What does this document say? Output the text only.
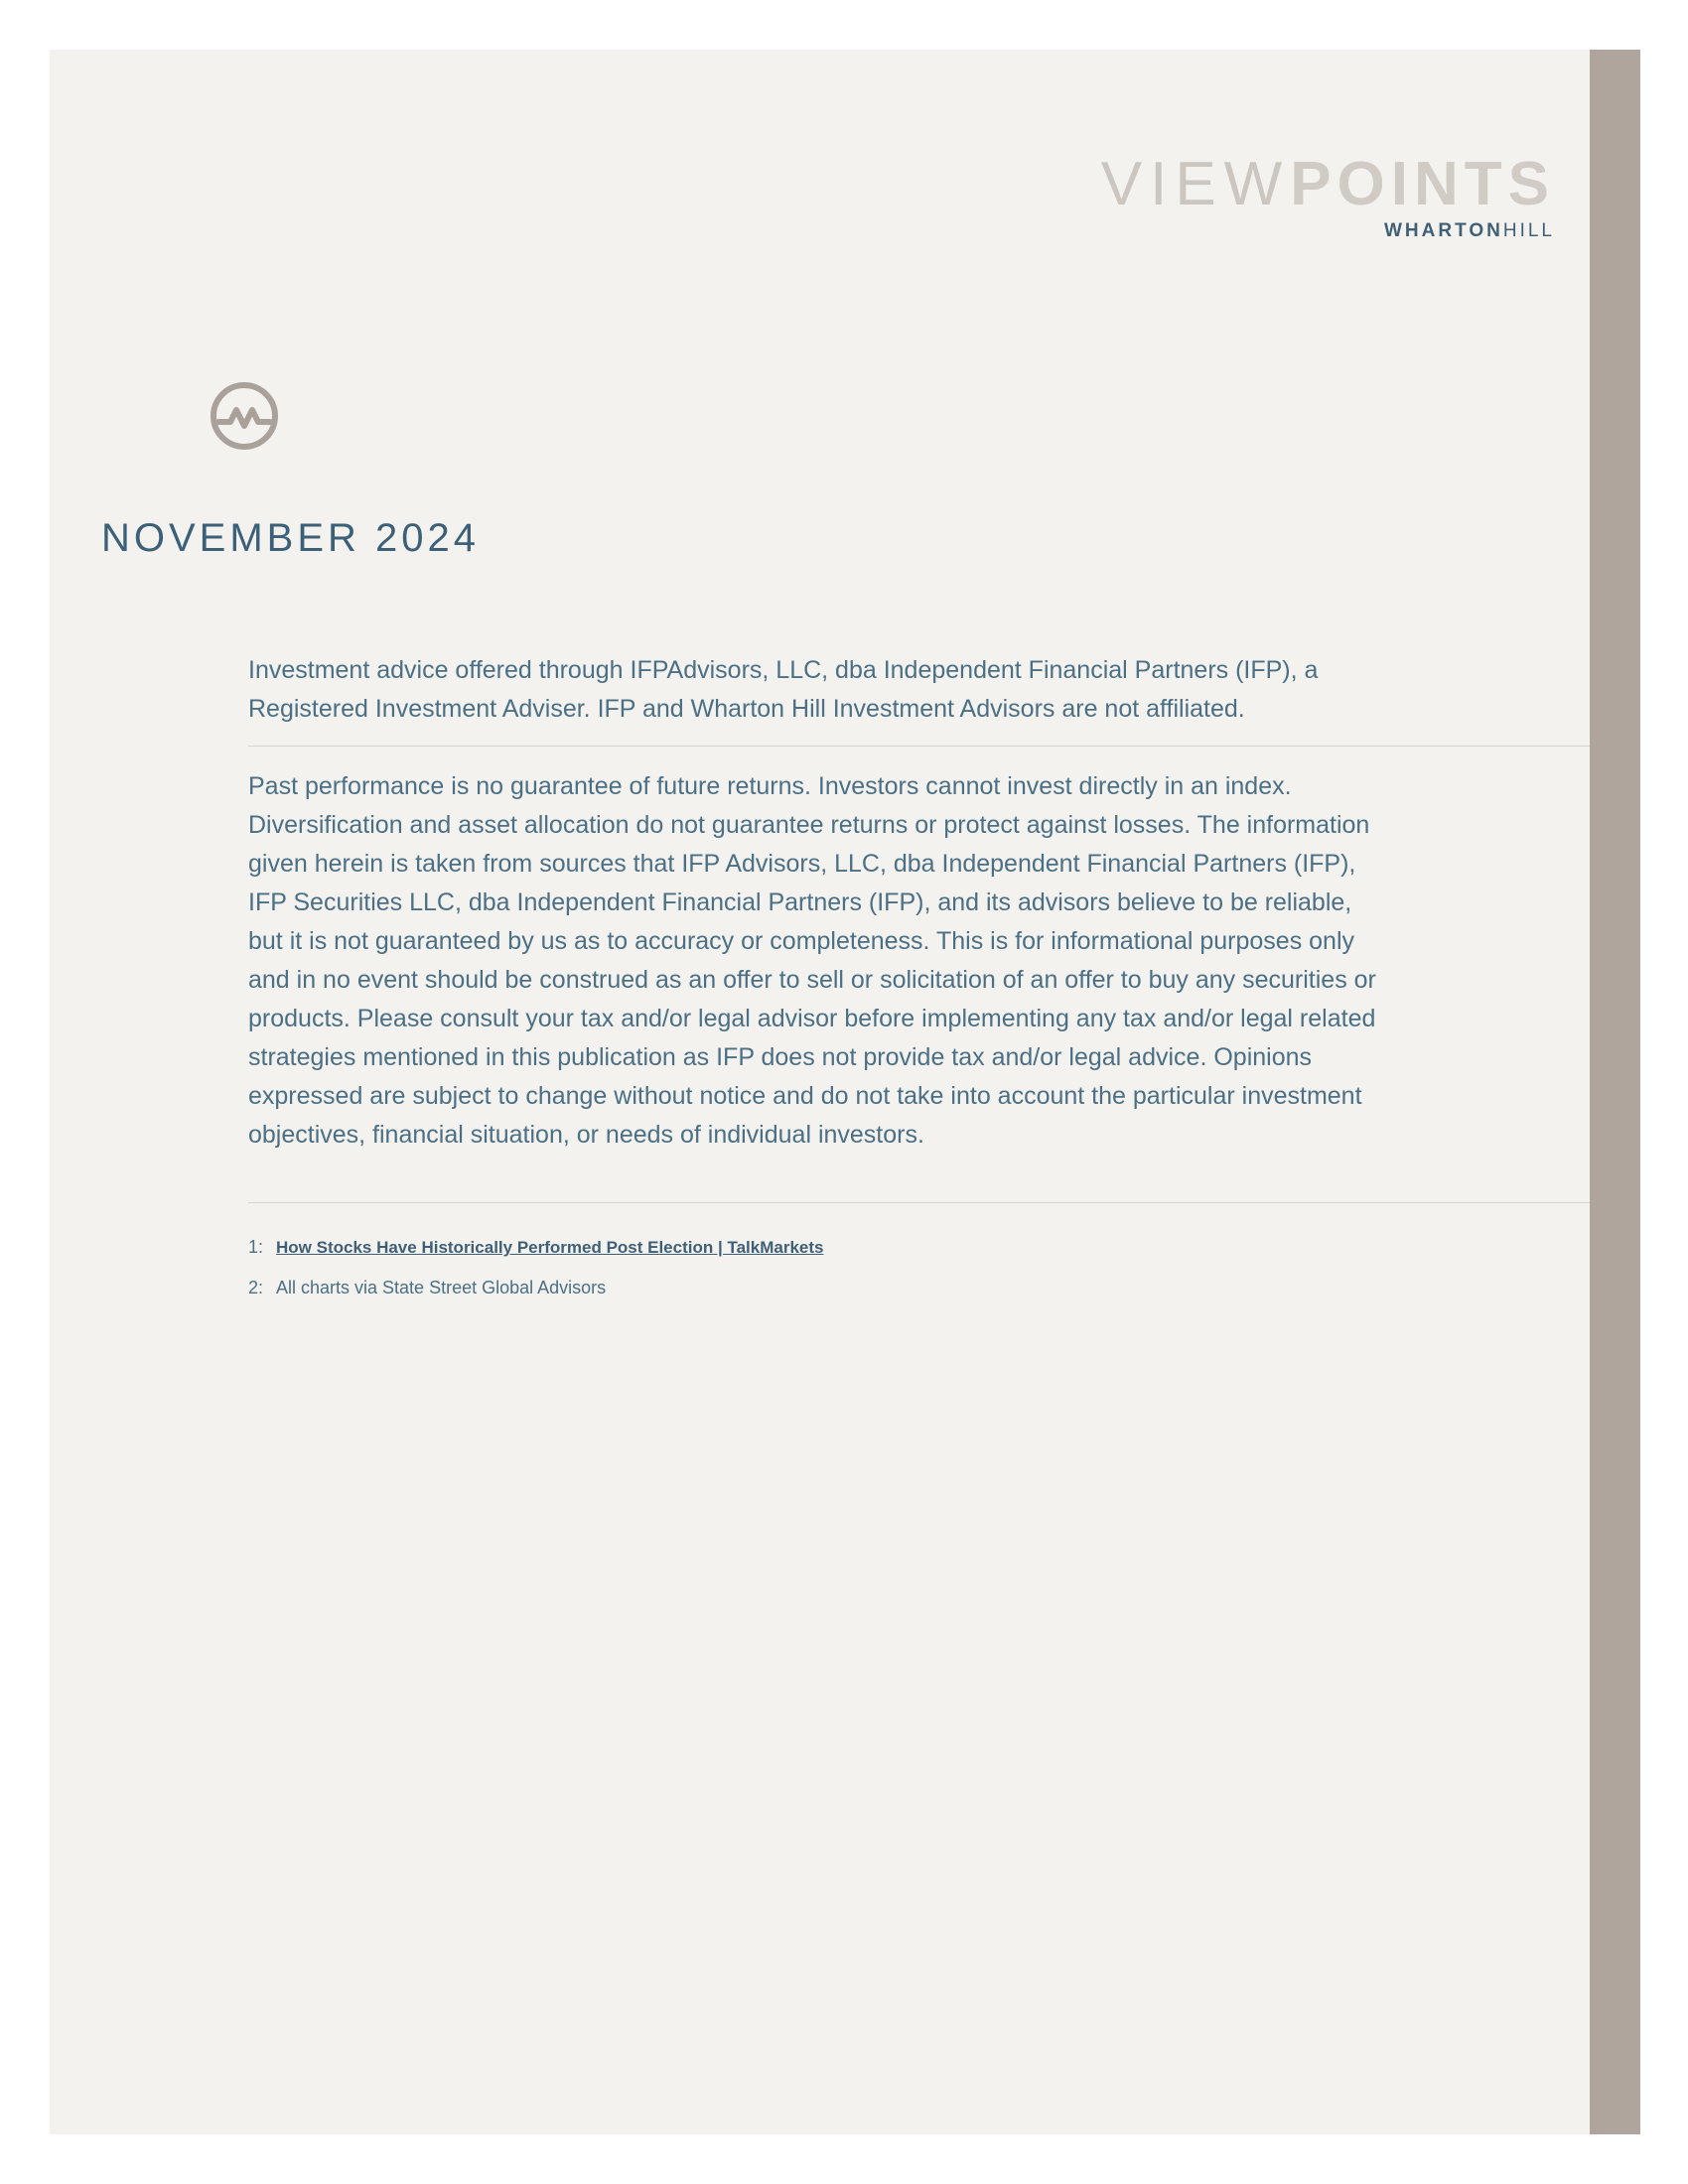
VIEWPOINTS
WHARTONHILL
NOVEMBER 2024

Investment advice offered through IFPAdvisors, LLC, dba Independent Financial Partners (IFP), a Registered Investment Adviser. IFP and Wharton Hill Investment Advisors are not affiliated.

Past performance is no guarantee of future returns. Investors cannot invest directly in an index. Diversification and asset allocation do not guarantee returns or protect against losses. The information given herein is taken from sources that IFP Advisors, LLC, dba Independent Financial Partners (IFP), IFP Securities LLC, dba Independent Financial Partners (IFP), and its advisors believe to be reliable, but it is not guaranteed by us as to accuracy or completeness. This is for informational purposes only and in no event should be construed as an offer to sell or solicitation of an offer to buy any securities or products. Please consult your tax and/or legal advisor before implementing any tax and/or legal related strategies mentioned in this publication as IFP does not provide tax and/or legal advice. Opinions expressed are subject to change without notice and do not take into account the particular investment objectives, financial situation, or needs of individual investors.

1: How Stocks Have Historically Performed Post Election | TalkMarkets
2: All charts via State Street Global Advisors
